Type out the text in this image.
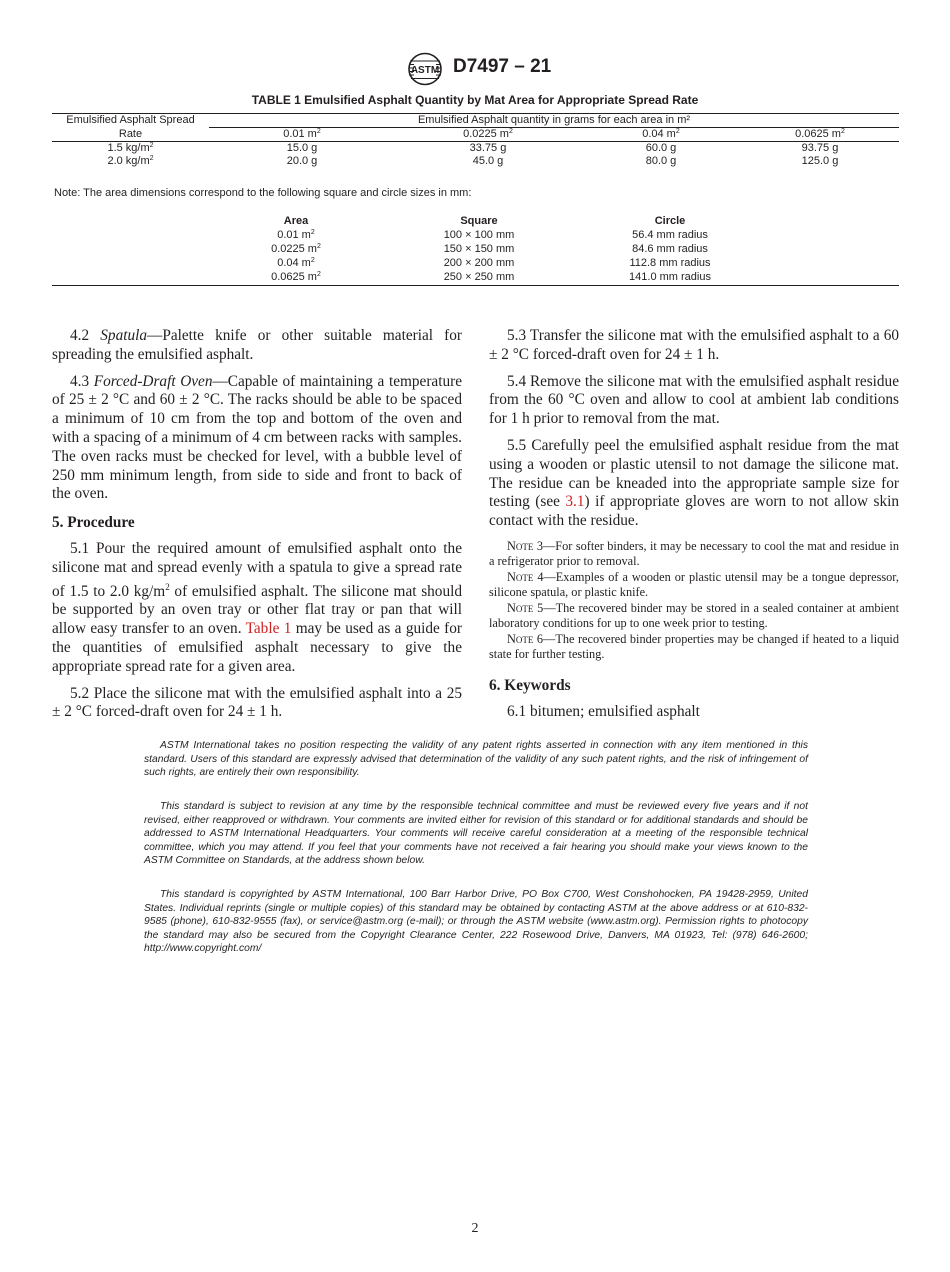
ASTM D7497 – 21
TABLE 1 Emulsified Asphalt Quantity by Mat Area for Appropriate Spread Rate
Emulsified Asphalt Spread	Emulsified Asphalt quantity in grams for each area in m²			
Rate	0.01 $m^2$	0.0225 $m^2$	0.04 $m^2$	0.0625 $m^2$
1.5 $kg/m^2$	15.0 g	33.75 g	60.0 g	93.75 g
2.0 $kg/m^2$	20.0 g	45.0 g	80.0 g	125.0 g
Note: The area dimensions correspond to the following square and circle sizes in mm:
Area	Square	Circle
0.01 $m^2$	100 × 100 mm	56.4 mm radius
0.0225 $m^2$	150 × 150 mm	84.6 mm radius
0.04 $m^2$	200 × 200 mm	112.8 mm radius
0.0625 $m^2$	250 × 250 mm	141.0 mm radius

4.2 Spatula—Palette knife or other suitable material for spreading the emulsified asphalt.

4.3 Forced-Draft Oven—Capable of maintaining a temperature of 25 ± 2 °C and 60 ± 2 °C. The racks should be able to be spaced a minimum of 10 cm from the top and bottom of the oven and with a spacing of a minimum of 4 cm between racks with samples. The oven racks must be checked for level, with a bubble level of 250 mm minimum length, from side to side and front to back of the oven.

5. Procedure

5.1 Pour the required amount of emulsified asphalt onto the silicone mat and spread evenly with a spatula to give a spread rate of 1.5 to 2.0 $kg/m^2$ of emulsified asphalt. The silicone mat should be supported by an oven tray or other flat tray or pan that will allow easy transfer to an oven. Table 1 may be used as a guide for the quantities of emulsified asphalt necessary to give the appropriate spread rate for a given area.

5.2 Place the silicone mat with the emulsified asphalt into a 25 ± 2 °C forced-draft oven for 24 ± 1 h.

5.3 Transfer the silicone mat with the emulsified asphalt to a 60 ± 2 °C forced-draft oven for 24 ± 1 h.

5.4 Remove the silicone mat with the emulsified asphalt residue from the 60 °C oven and allow to cool at ambient lab conditions for 1 h prior to removal from the mat.

5.5 Carefully peel the emulsified asphalt residue from the mat using a wooden or plastic utensil to not damage the silicone mat. The residue can be kneaded into the appropriate sample size for testing (see 3.1) if appropriate gloves are worn to not allow skin contact with the residue.

Note 3—For softer binders, it may be necessary to cool the mat and residue in a refrigerator prior to removal.

Note 4—Examples of a wooden or plastic utensil may be a tongue depressor, silicone spatula, or plastic knife.

Note 5—The recovered binder may be stored in a sealed container at ambient laboratory conditions for up to one week prior to testing.

Note 6—The recovered binder properties may be changed if heated to a liquid state for further testing.

6. Keywords

6.1 bitumen; emulsified asphalt

ASTM International takes no position respecting the validity of any patent rights asserted in connection with any item mentioned in this standard. Users of this standard are expressly advised that determination of the validity of any such patent rights, and the risk of infringement of such rights, are entirely their own responsibility.

This standard is subject to revision at any time by the responsible technical committee and must be reviewed every five years and if not revised, either reapproved or withdrawn. Your comments are invited either for revision of this standard or for additional standards and should be addressed to ASTM International Headquarters. Your comments will receive careful consideration at a meeting of the responsible technical committee, which you may attend. If you feel that your comments have not received a fair hearing you should make your views known to the ASTM Committee on Standards, at the address shown below.

This standard is copyrighted by ASTM International, 100 Barr Harbor Drive, PO Box C700, West Conshohocken, PA 19428-2959, United States. Individual reprints (single or multiple copies) of this standard may be obtained by contacting ASTM at the above address or at 610-832-9585 (phone), 610-832-9555 (fax), or service@astm.org (e-mail); or through the ASTM website (www.astm.org). Permission rights to photocopy the standard may also be secured from the Copyright Clearance Center, 222 Rosewood Drive, Danvers, MA 01923, Tel: (978) 646-2600; http://www.copyright.com/

2
